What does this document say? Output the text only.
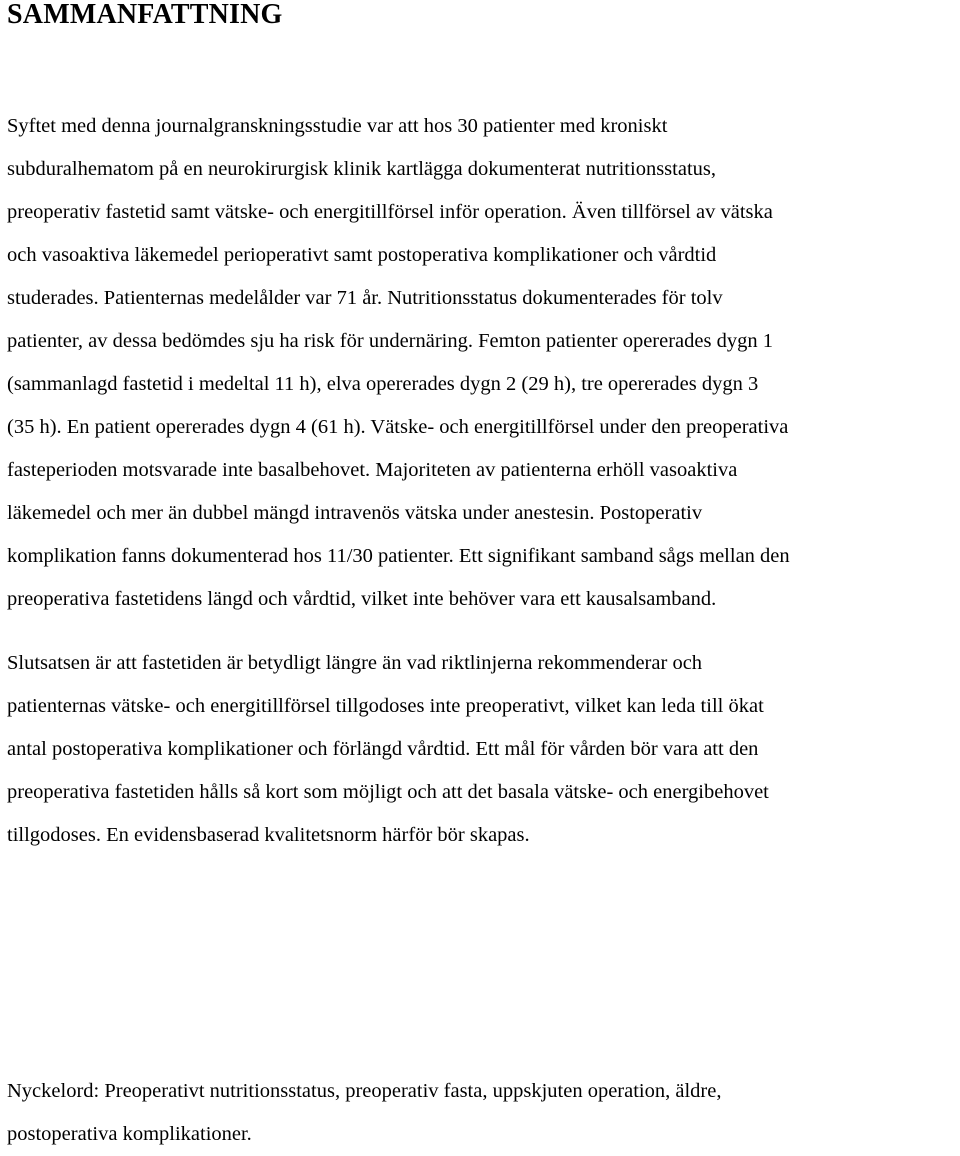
SAMMANFATTNING
Syftet med denna journalgranskningsstudie var att hos 30 patienter med kroniskt
subduralhematom på en neurokirurgisk klinik kartlägga dokumenterat nutritionsstatus,
preoperativ fastetid samt vätske- och energitillförsel inför operation. Även tillförsel av vätska
och vasoaktiva läkemedel perioperativt samt postoperativa komplikationer och vårdtid
studerades. Patienternas medelålder var 71 år. Nutritionsstatus dokumenterades för tolv
patienter, av dessa bedömdes sju ha risk för undernäring. Femton patienter opererades dygn 1
(sammanlagd fastetid i medeltal 11 h), elva opererades dygn 2 (29 h), tre opererades dygn 3
(35 h). En patient opererades dygn 4 (61 h). Vätske- och energitillförsel under den preoperativa
fasteperioden motsvarade inte basalbehovet. Majoriteten av patienterna erhöll vasoaktiva
läkemedel och mer än dubbel mängd intravenös vätska under anestesin. Postoperativ
komplikation fanns dokumenterad hos 11/30 patienter. Ett signifikant samband sågs mellan den
preoperativa fastetidens längd och vårdtid, vilket inte behöver vara ett kausalsamband.
Slutsatsen är att fastetiden är betydligt längre än vad riktlinjerna rekommenderar och
patienternas vätske- och energitillförsel tillgodoses inte preoperativt, vilket kan leda till ökat
antal postoperativa komplikationer och förlängd vårdtid. Ett mål för vården bör vara att den
preoperativa fastetiden hålls så kort som möjligt och att det basala vätske- och energibehovet
tillgodoses. En evidensbaserad kvalitetsnorm härför bör skapas.
Nyckelord: Preoperativt nutritionsstatus, preoperativ fasta, uppskjuten operation, äldre,
postoperativa komplikationer.
